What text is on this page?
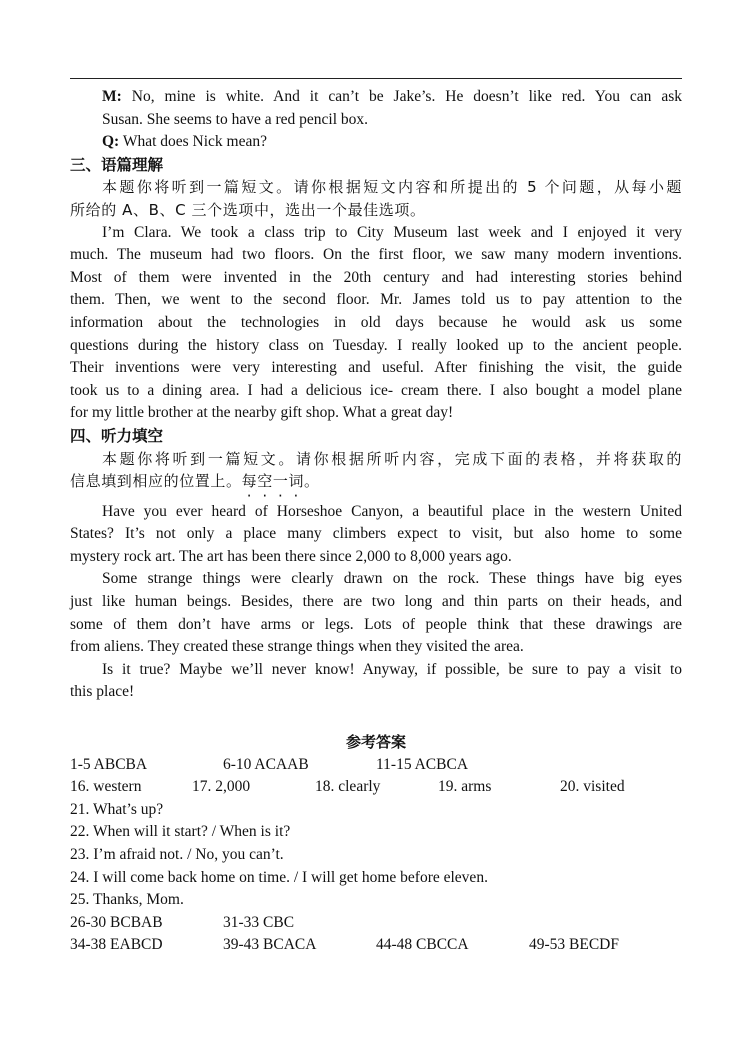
M: No, mine is white. And it can’t be Jake’s. He doesn’t like red. You can ask
Susan. She seems to have a red pencil box.
Q: What does Nick mean?
三、语篇理解
本题你将听到一篇短文。请你根据短文内容和所提出的 5 个问题，从每小题
所给的 A、B、C 三个选项中，选出一个最佳选项。
I’m Clara. We took a class trip to City Museum last week and I enjoyed it very
much. The museum had two floors. On the first floor, we saw many modern inventions.
Most of them were invented in the 20th century and had interesting stories behind
them. Then, we went to the second floor. Mr. James told us to pay attention to the
information about the technologies in old days because he would ask us some
questions during the history class on Tuesday. I really looked up to the ancient people.
Their inventions were very interesting and useful. After finishing the visit, the guide
took us to a dining area. I had a delicious ice- cream there. I also bought a model plane
for my little brother at the nearby gift shop. What a great day!
四、听力填空
本题你将听到一篇短文。请你根据所听内容，完成下面的表格，并将获取的
信息填到相应的位置上。每空一词。
Have you ever heard of Horseshoe Canyon, a beautiful place in the western United
States? It’s not only a place many climbers expect to visit, but also home to some
mystery rock art. The art has been there since 2,000 to 8,000 years ago.
Some strange things were clearly drawn on the rock. These things have big eyes
just like human beings. Besides, there are two long and thin parts on their heads, and
some of them don’t have arms or legs. Lots of people think that these drawings are
from aliens. They created these strange things when they visited the area.
Is it true? Maybe we’ll never know! Anyway, if possible, be sure to pay a visit to
this place!
参考答案
1-5 ABCBA	6-10 ACAAB	11-15 ACBCA
16. western	17. 2,000	18. clearly	19. arms	20. visited
21. What’s up?
22. When will it start? / When is it?
23. I’m afraid not. / No, you can’t.
24. I will come back home on time. / I will get home before eleven.
25. Thanks, Mom.
26-30 BCBAB	31-33 CBC
34-38 EABCD	39-43 BCACA	44-48 CBCCA	49-53 BECDF
